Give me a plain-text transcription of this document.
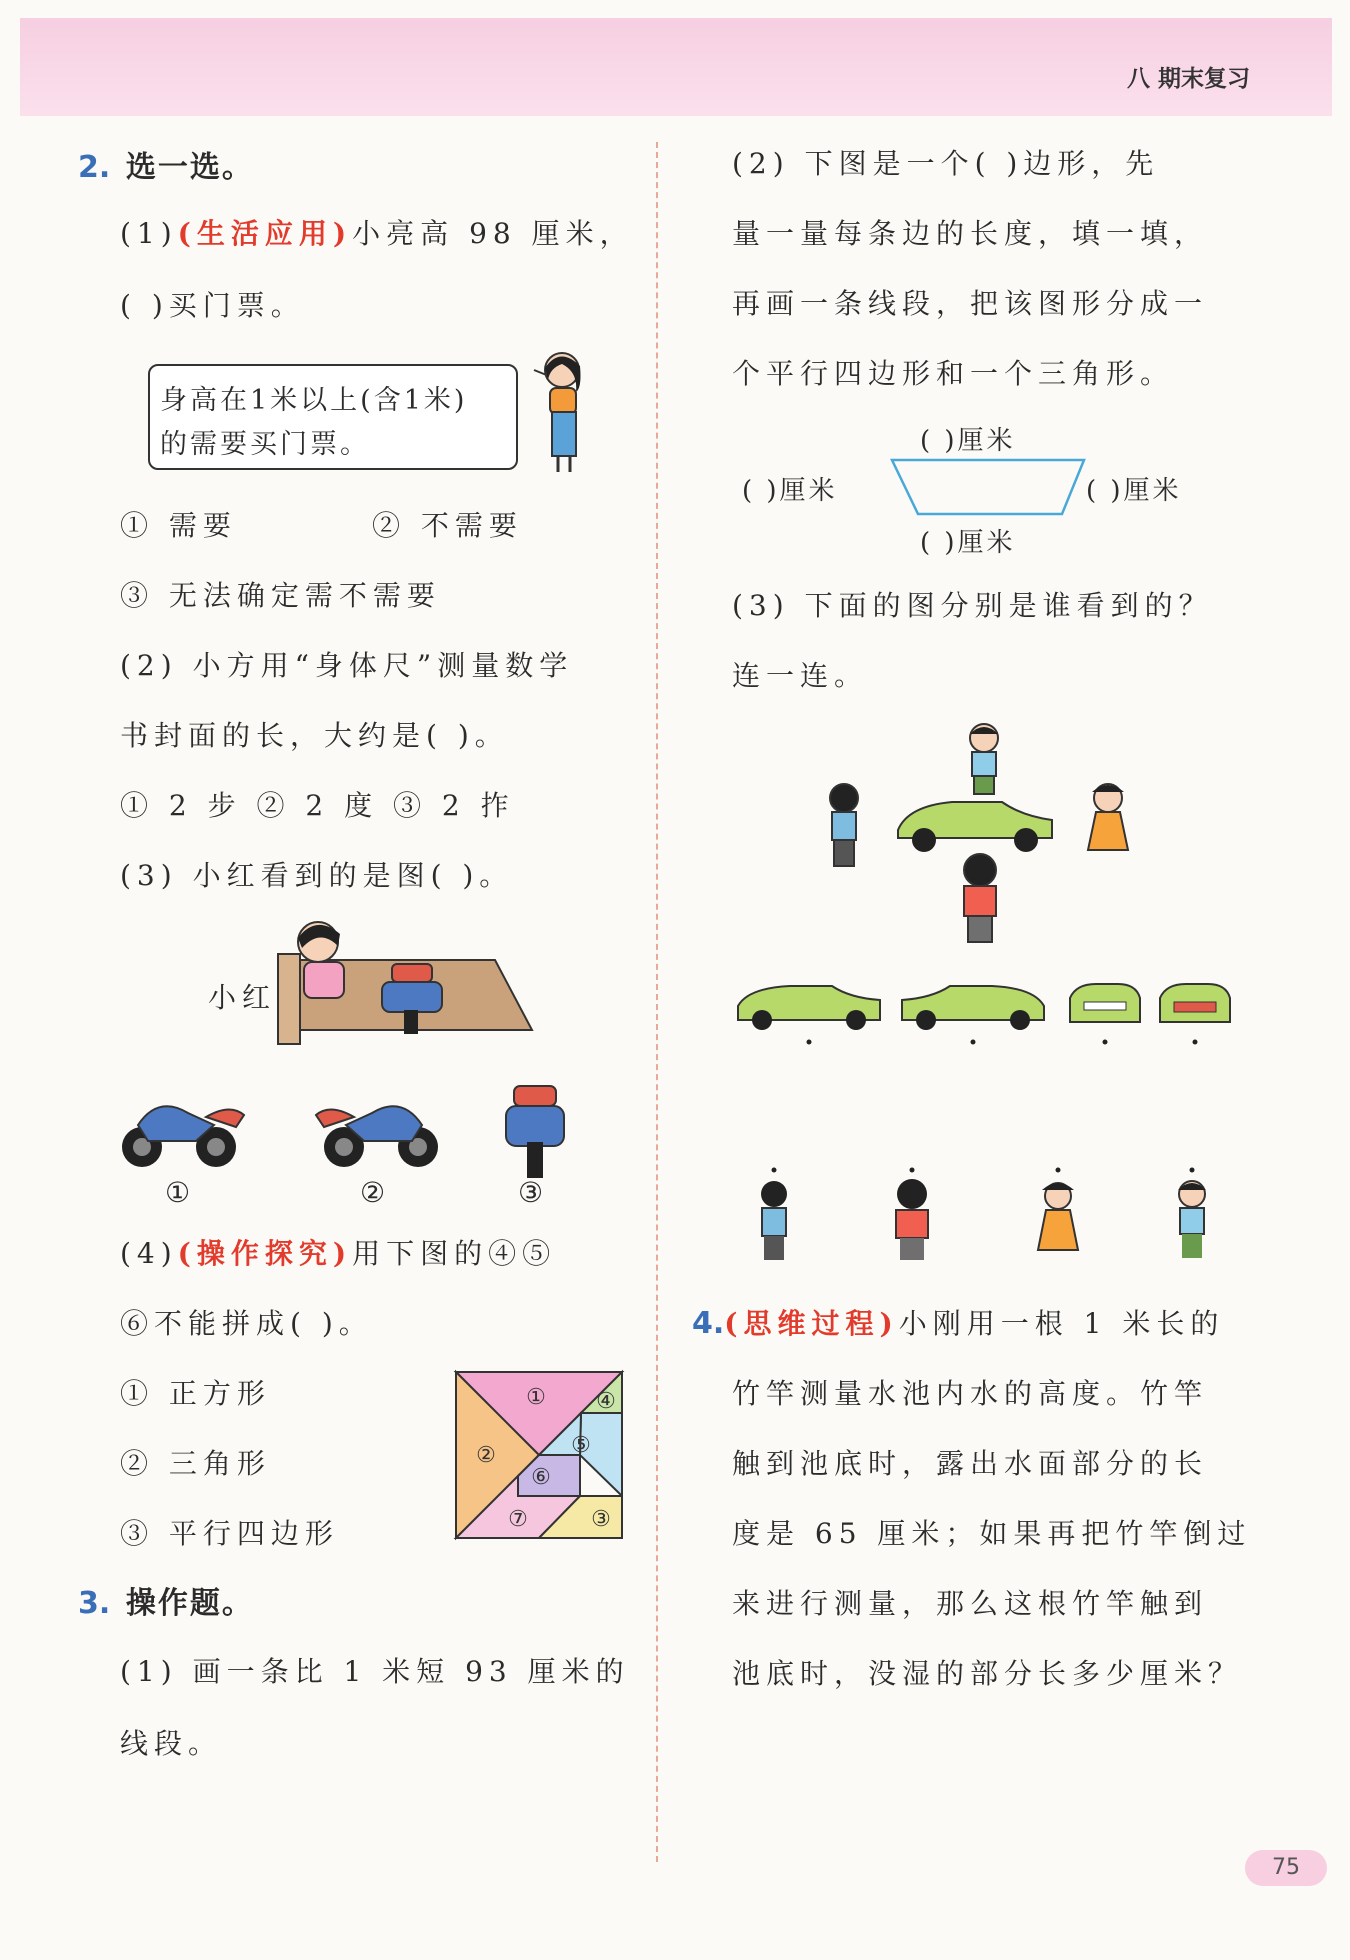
八 期末复习
2. 选一选。
(1)(生活应用)小亮高 98 厘米，
( )买门票。
身高在1米以上(含1米)
的需要买门票。
① 需要	② 不需要
③ 无法确定需不需要
(2) 小方用“身体尺”测量数学
书封面的长，大约是( )。
① 2 步 ② 2 度 ③ 2 拃
(3) 小红看到的是图( )。
小红
①	②	③
(4)(操作探究)用下图的④⑤
⑥不能拼成( )。
① 正方形
② 三角形
③ 平行四边形
①
②
③
④
⑤
⑥
⑦
3. 操作题。
(1) 画一条比 1 米短 93 厘米的
线段。
(2) 下图是一个( )边形，先
量一量每条边的长度，填一填，
再画一条线段，把该图形分成一
个平行四边形和一个三角形。
( )厘米
( )厘米	( )厘米
( )厘米
(3) 下面的图分别是谁看到的？
连一连。
4.(思维过程)小刚用一根 1 米长的
竹竿测量水池内水的高度。竹竿
触到池底时，露出水面部分的长
度是 65 厘米；如果再把竹竿倒过
来进行测量，那么这根竹竿触到
池底时，没湿的部分长多少厘米？
75
